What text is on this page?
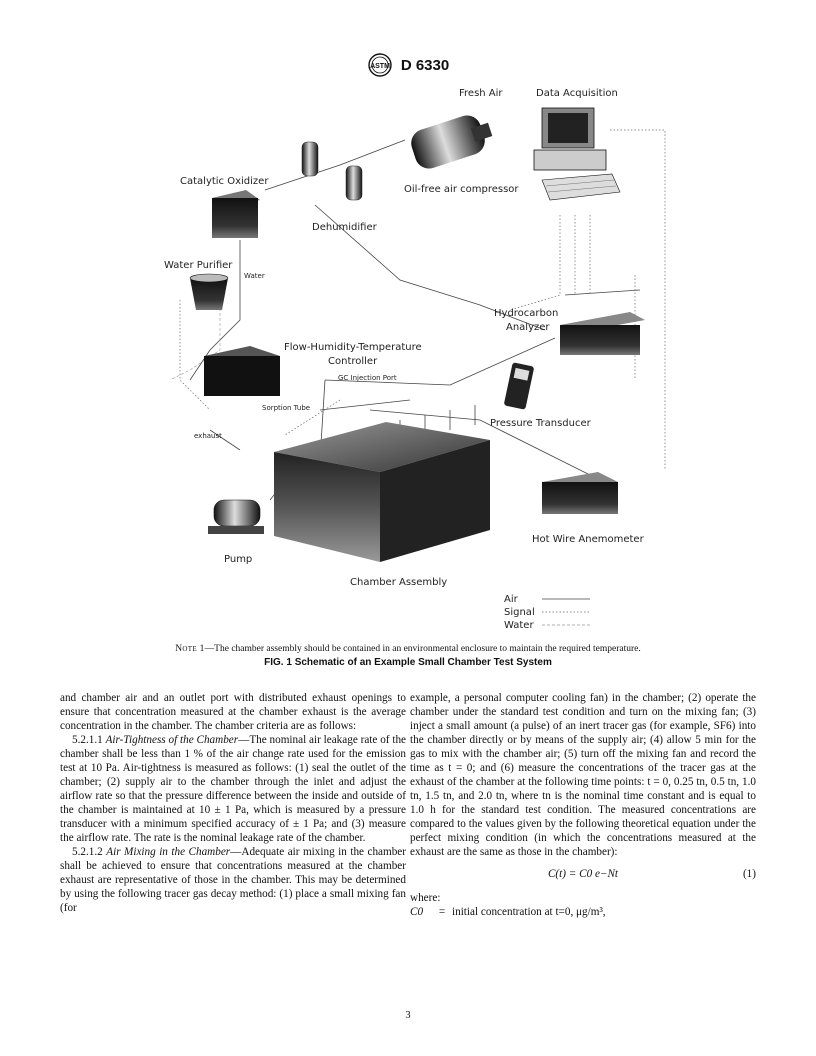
ASTM D 6330
Fresh Air
Oil-free air compressor
Dehumidifier
Catalytic Oxidizer
Water Purifier
Water
Data Acquisition
Hydrocarbon
Analyzer
Flow-Humidity-Temperature
Controller
GC Injection Port
Sorption Tube
Pressure Transducer
exhaust
Chamber Assembly
Hot Wire Anemometer
Pump
Air
Signal
Water
Note 1—The chamber assembly should be contained in an environmental enclosure to maintain the required temperature.
FIG. 1 Schematic of an Example Small Chamber Test System

and chamber air and an outlet port with distributed exhaust openings to ensure that concentration measured at the chamber exhaust is the average concentration in the chamber. The chamber criteria are as follows:

5.2.1.1 Air-Tightness of the Chamber—The nominal air leakage rate of the chamber shall be less than 1 % of the air change rate used for the emission test at 10 Pa. Air-tightness is measured as follows: (1) seal the outlet of the chamber; (2) supply air to the chamber through the inlet and adjust the airflow rate so that the pressure difference between the inside and outside of the chamber is maintained at 10 ± 1 Pa, which is measured by a pressure transducer with a minimum specified accuracy of ± 1 Pa; and (3) measure the airflow rate. The rate is the nominal leakage rate of the chamber.

5.2.1.2 Air Mixing in the Chamber—Adequate air mixing in the chamber shall be achieved to ensure that concentrations measured at the chamber exhaust are representative of those in the chamber. This may be determined by using the following tracer gas decay method: (1) place a small mixing fan (for

example, a personal computer cooling fan) in the chamber; (2) operate the chamber under the standard test condition and turn on the mixing fan; (3) inject a small amount (a pulse) of an inert tracer gas (for example, SF6) into the chamber directly or by means of the supply air; (4) allow 5 min for the gas to mix with the chamber air; (5) turn off the mixing fan and record the time as t = 0; and (6) measure the concentrations of the tracer gas at the exhaust of the chamber at the following time points: t = 0, 0.25 tn, 0.5 tn, 1.0 tn, 1.5 tn, and 2.0 tn, where tn is the nominal time constant and is equal to 1.0 h for the standard test condition. The measured concentrations are compared to the values given by the following theoretical equation under the perfect mixing condition (in which the concentrations measured at the exhaust are the same as those in the chamber):

C(t) = C0 e−Nt	(1)

where:

C0	= initial concentration at t=0, μg/m³,
3
